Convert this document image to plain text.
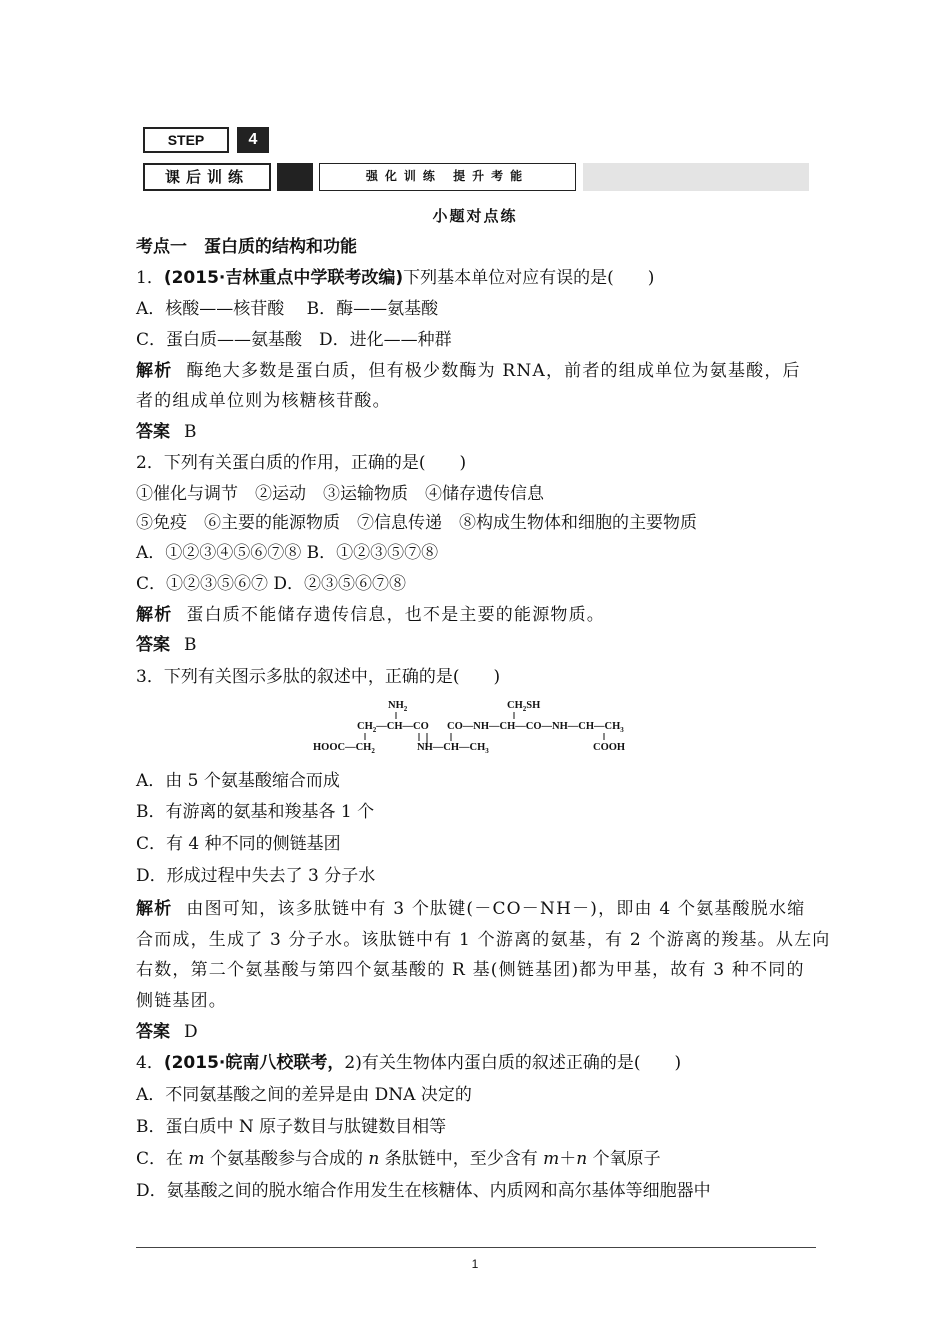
STEP	4
课后训练	强化训练 提升考能
小题对点练
考点一　蛋白质的结构和功能
1．(2015·吉林重点中学联考改编)下列基本单位对应有误的是(　　)
A．核酸——核苷酸　 B．酶——氨基酸
C．蛋白质——氨基酸　D．进化——种群
解析 酶绝大多数是蛋白质，但有极少数酶为 RNA，前者的组成单位为氨基酸，后
者的组成单位则为核糖核苷酸。
答案 B
2．下列有关蛋白质的作用，正确的是(　　)
①催化与调节　②运动　③运输物质　④储存遗传信息
⑤免疫　⑥主要的能源物质　⑦信息传递　⑧构成生物体和细胞的主要物质
A．①②③④⑤⑥⑦⑧ B．①②③⑤⑦⑧
C．①②③⑤⑥⑦ D．②③⑤⑥⑦⑧
解析 蛋白质不能储存遗传信息，也不是主要的能源物质。
答案 B
3．下列有关图示多肽的叙述中，正确的是(　　)
$NH_2$	$CH_2SH$
$CH_2—CH—CO$ $CO—NH—CH—CO—NH—CH—CH_3$
$HOOC—CH_2$	$NH—CH—CH_3$	COOH
A．由 5 个氨基酸缩合而成
B．有游离的氨基和羧基各 1 个
C．有 4 种不同的侧链基团
D．形成过程中失去了 3 分子水
解析 由图可知，该多肽链中有 3 个肽键(－CO－NH－)，即由 4 个氨基酸脱水缩
合而成，生成了 3 分子水。该肽链中有 1 个游离的氨基，有 2 个游离的羧基。从左向
右数，第二个氨基酸与第四个氨基酸的 R 基(侧链基团)都为甲基，故有 3 种不同的
侧链基团。
答案 D
4．(2015·皖南八校联考，2)有关生物体内蛋白质的叙述正确的是(　　)
A．不同氨基酸之间的差异是由 DNA 决定的
B．蛋白质中 N 原子数目与肽键数目相等
C．在 m 个氨基酸参与合成的 n 条肽链中，至少含有 m＋n 个氧原子
D．氨基酸之间的脱水缩合作用发生在核糖体、内质网和高尔基体等细胞器中
1
